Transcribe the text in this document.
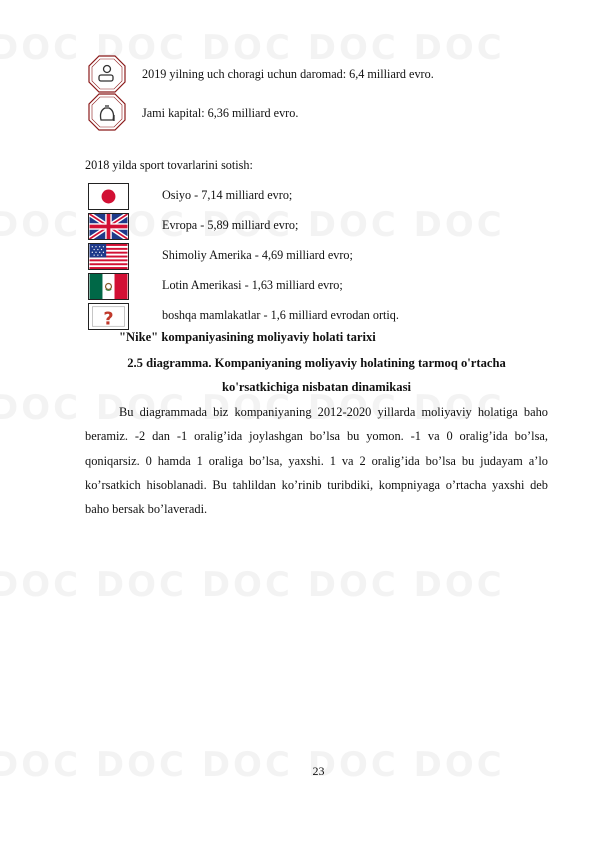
2019 yilning uch choragi uchun daromad: 6,4 milliard evro.
Jami kapital: 6,36 milliard evro.
2018 yilda sport tovarlarini sotish:
Osiyo - 7,14 milliard evro;
Evropa - 5,89 milliard evro;
Shimoliy Amerika - 4,69 milliard evro;
Lotin Amerikasi - 1,63 milliard evro;
?	boshqa mamlakatlar - 1,6 milliard evrodan ortiq.
"Nike" kompaniyasining moliyaviy holati tarixi
2.5 diagramma. Kompaniyaning moliyaviy holatining tarmoq o'rtacha
ko'rsatkichiga nisbatan dinamikasi

Bu diagrammada biz kompaniyaning 2012-2020 yillarda moliyaviy holatiga baho beramiz. -2 dan -1 oralig’ida joylashgan bo’lsa bu yomon. -1 va 0 oralig’ida bo’lsa, qoniqarsiz. 0 hamda 1 oraliga bo’lsa, yaxshi. 1 va 2 oralig’ida bo’lsa bu judayam a’lo ko’rsatkich hisoblanadi. Bu tahlildan ko’rinib turibdiki, kompniyaga o’rtacha yaxshi deb baho bersak bo’laveradi.

23
